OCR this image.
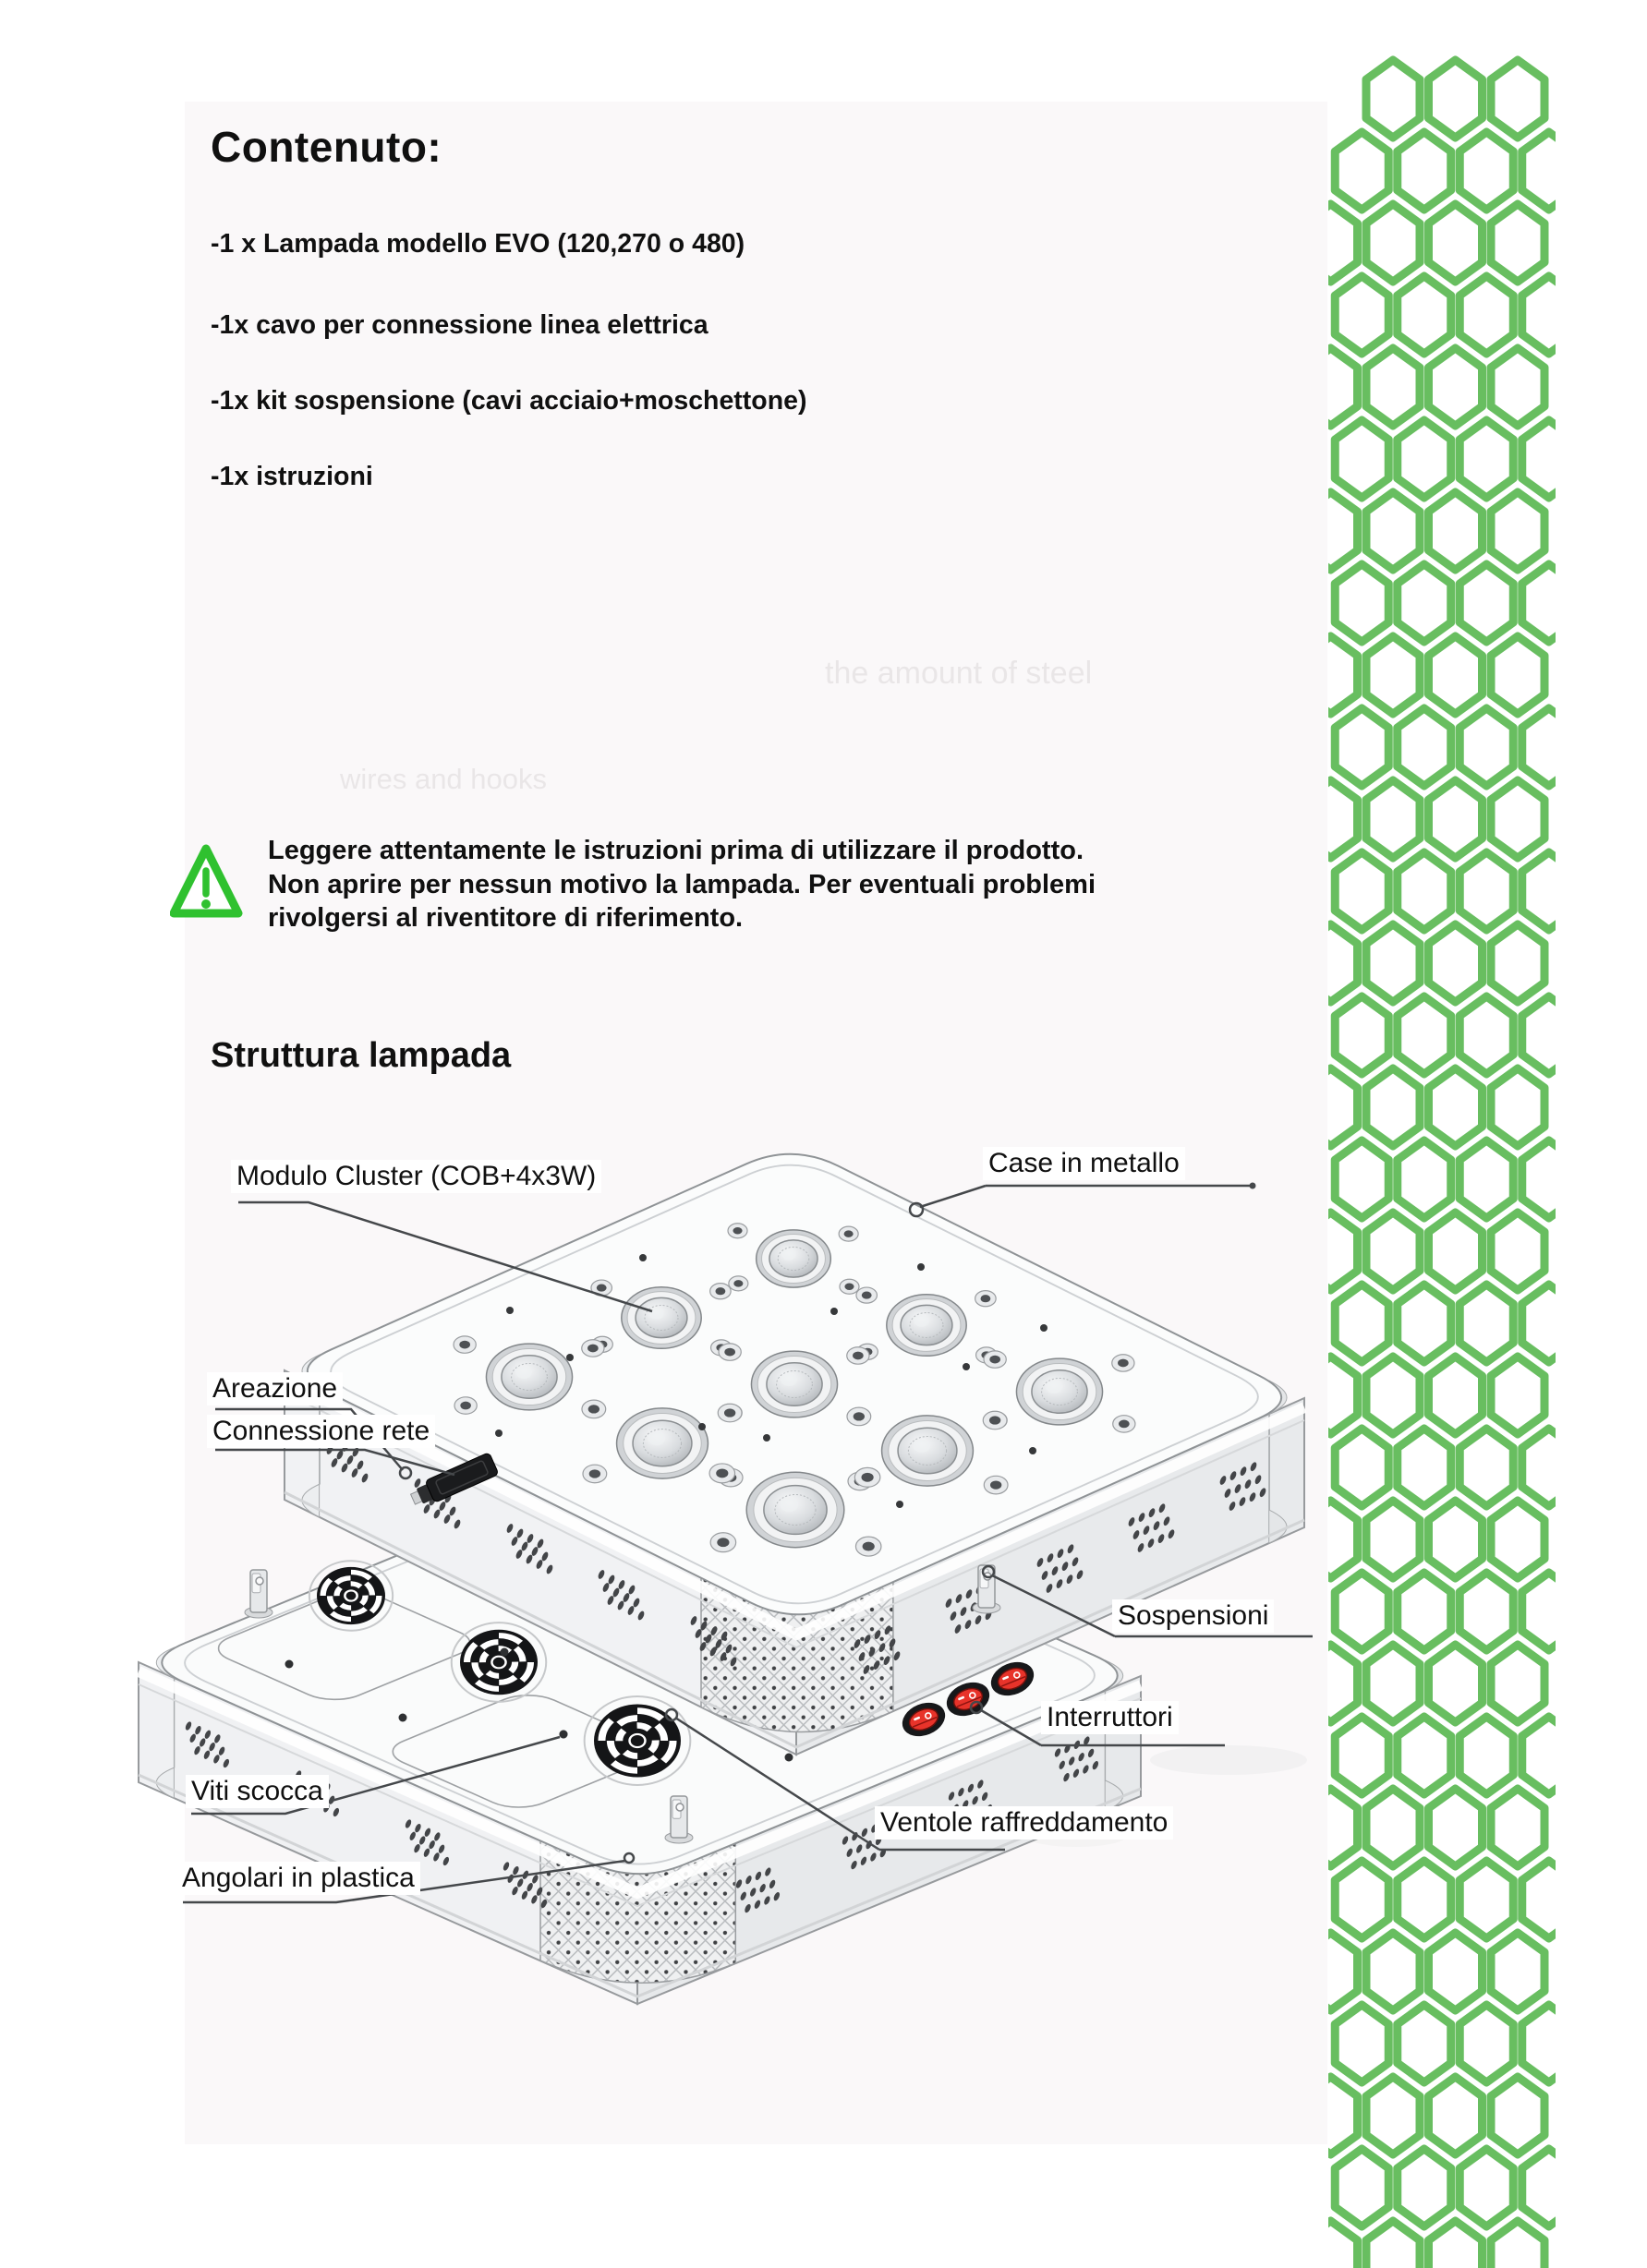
the amount of steel
wires and hooks
Contenuto:
-1 x Lampada modello EVO (120,270 o 480)
-1x cavo per connessione linea elettrica
-1x kit sospensione (cavi acciaio+moschettone)
-1x istruzioni
Leggere attentamente le istruzioni prima di utilizzare il prodotto.
Non aprire per nessun motivo la lampada. Per eventuali problemi
rivolgersi al riventitore di riferimento.
Struttura lampada
Modulo Cluster (COB+4x3W)	Case in metallo
Areazione
Connessione rete
Sospensioni
Interruttori
Viti scocca
Ventole raffreddamento
Angolari in plastica
